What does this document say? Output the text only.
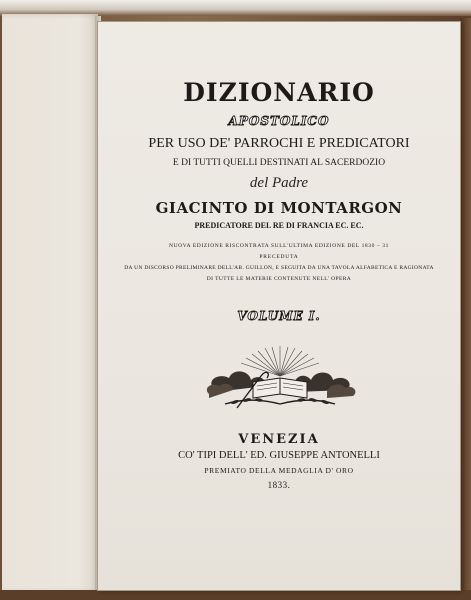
DIZIONARIO
APOSTOLICO
PER USO DE' PARROCHI E PREDICATORI
E DI TUTTI QUELLI DESTINATI AL SACERDOZIO
del Padre
GIACINTO DI MONTARGON
PREDICATORE DEL RE DI FRANCIA EC. EC.
NUOVA EDIZIONE RISCONTRATA SULL'ULTIMA EDIZIONE DEL 1830 – 31
PRECEDUTA
DA UN DISCORSO PRELIMINARE DELL'AB. GUILLON, E SEGUITA DA UNA TAVOLA ALFABETICA E RAGIONATA
DI TUTTE LE MATERIE CONTENUTE NELL' OPERA
VOLUME I.
VENEZIA
CO' TIPI DELL' ED. GIUSEPPE ANTONELLI
PREMIATO DELLA MEDAGLIA D' ORO
1833.
